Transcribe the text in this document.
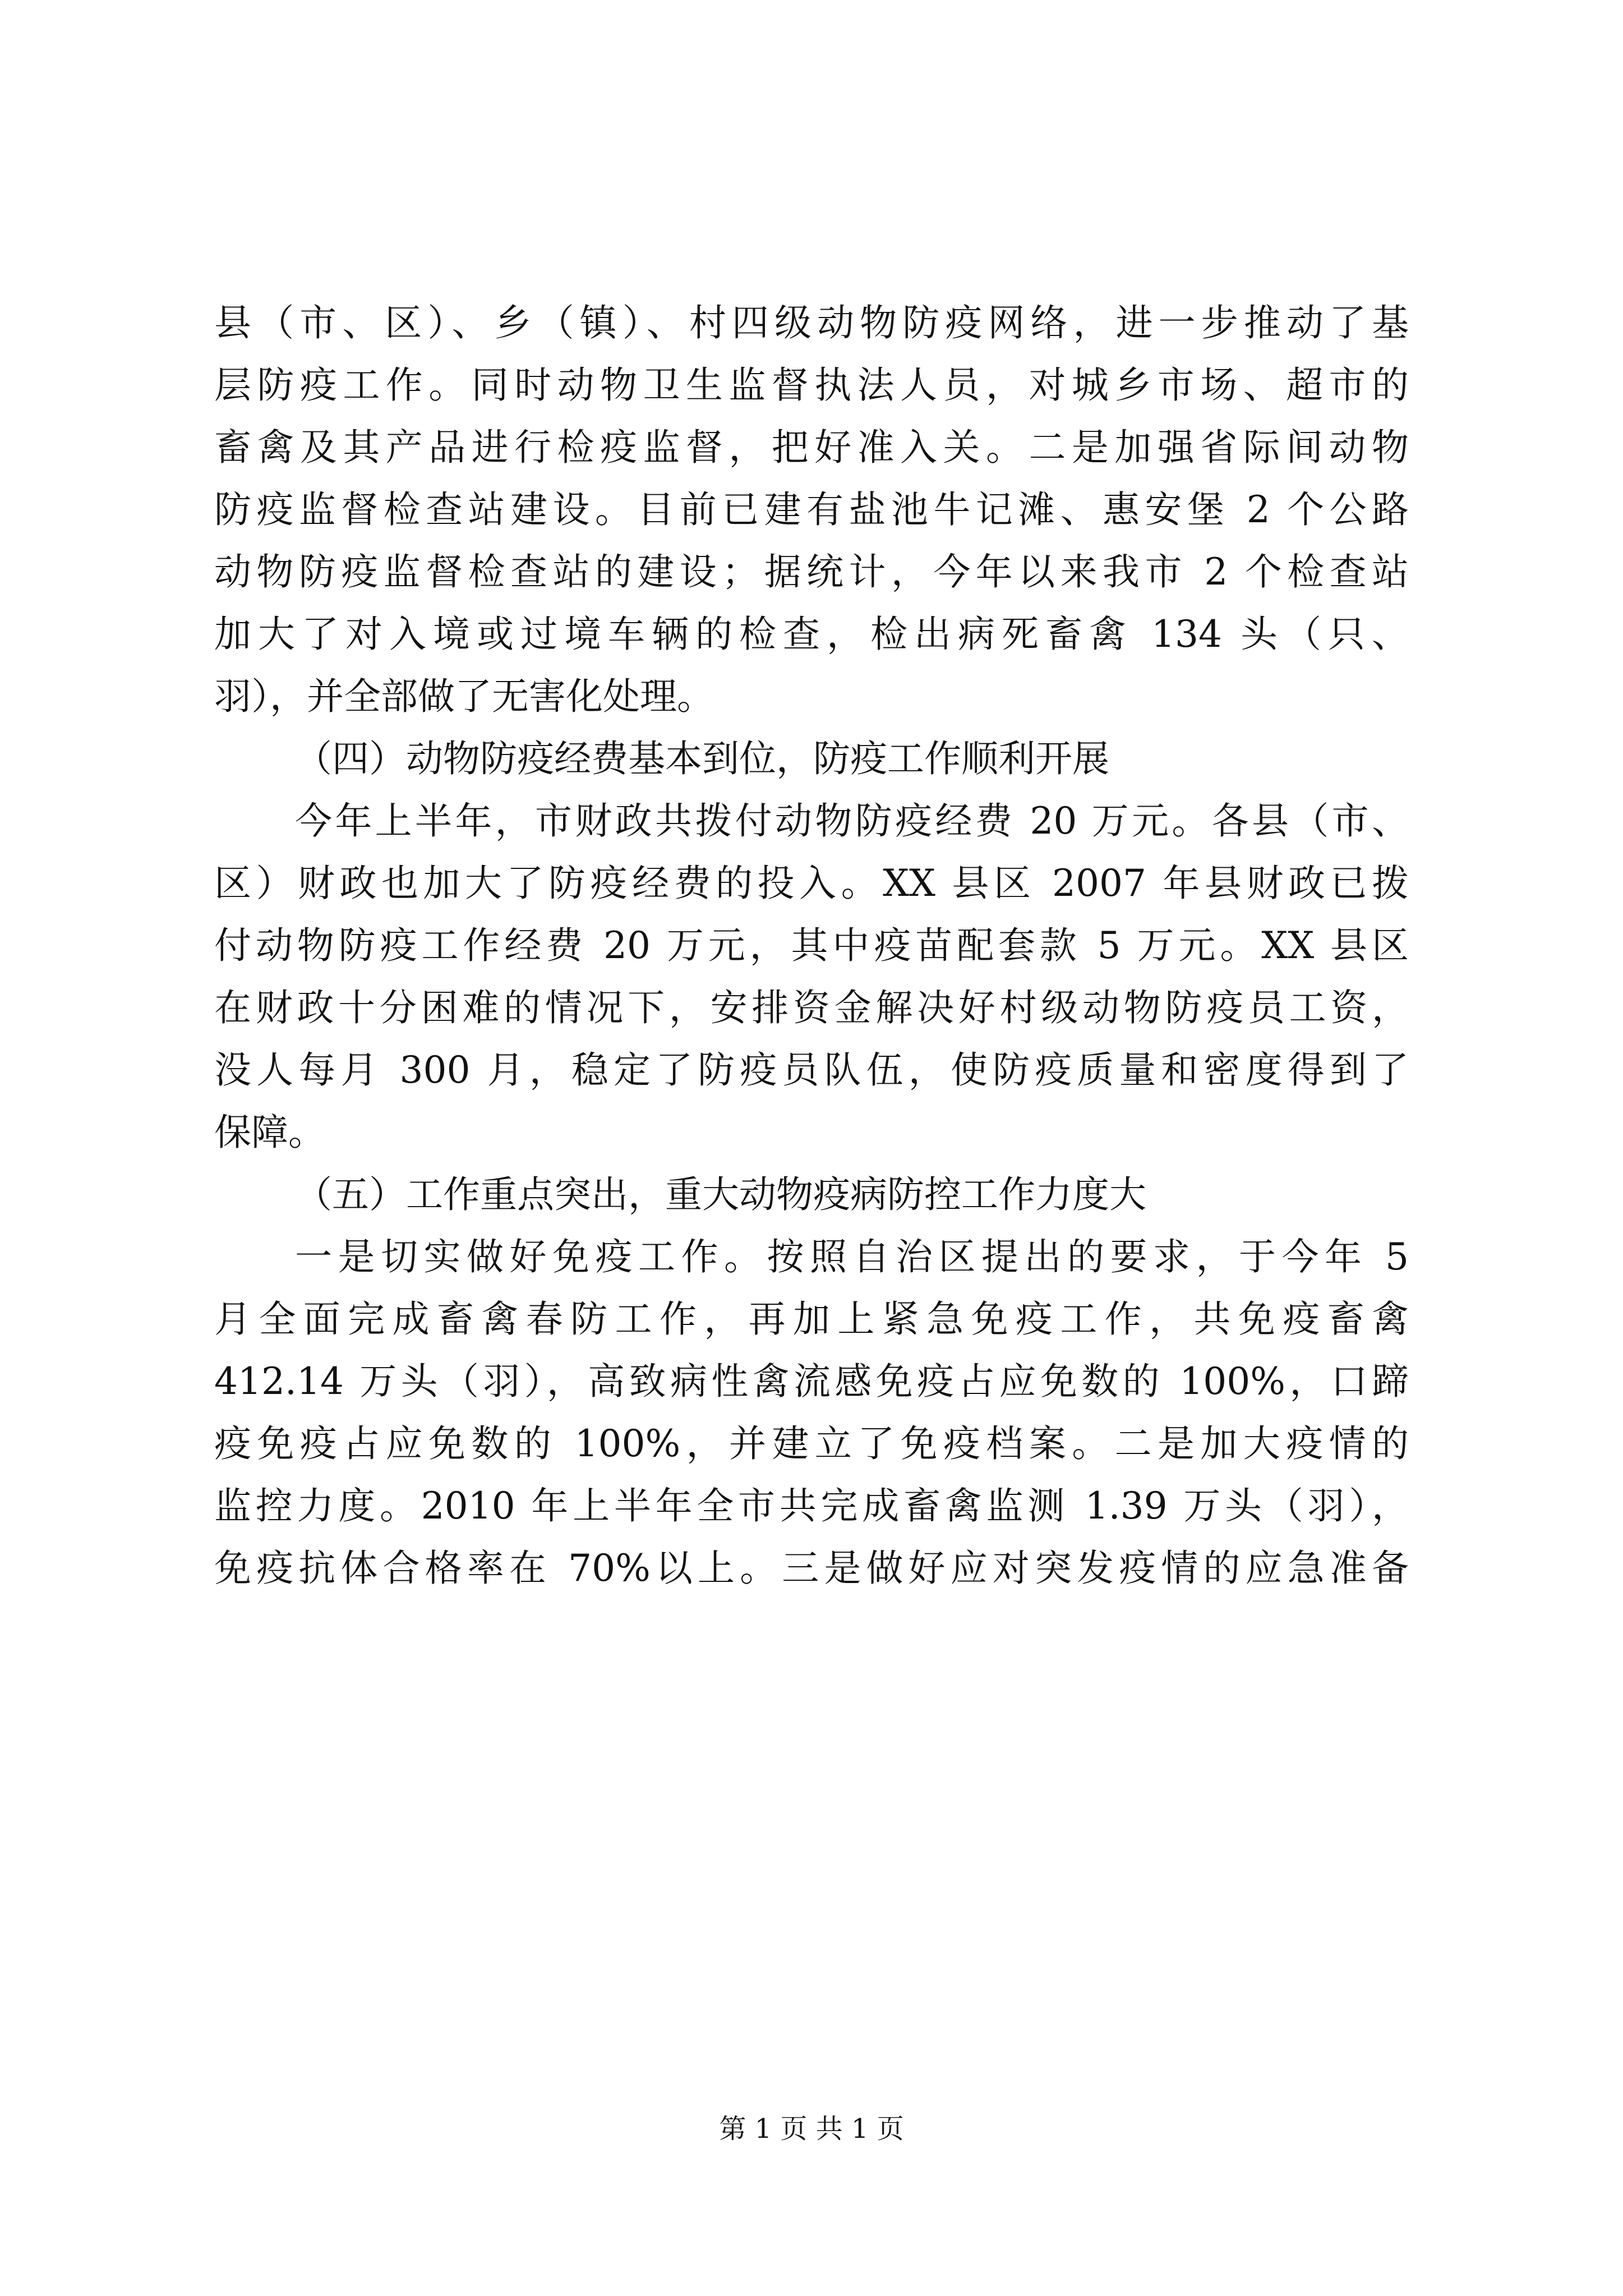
县（市、区）、乡（镇）、村四级动物防疫网络，进一步推动了基
层防疫工作。同时动物卫生监督执法人员，对城乡市场、超市的
畜禽及其产品进行检疫监督，把好准入关。二是加强省际间动物
防疫监督检查站建设。目前已建有盐池牛记滩、惠安堡 2 个公路
动物防疫监督检查站的建设；据统计，今年以来我市 2 个检查站
加大了对入境或过境车辆的检查，检出病死畜禽 134 头（只、
羽），并全部做了无害化处理。
（四）动物防疫经费基本到位，防疫工作顺利开展
今年上半年，市财政共拨付动物防疫经费 20 万元。各县（市、
区）财政也加大了防疫经费的投入。XX 县区 2007 年县财政已拨
付动物防疫工作经费 20 万元，其中疫苗配套款 5 万元。XX 县区
在财政十分困难的情况下，安排资金解决好村级动物防疫员工资，
没人每月 300 月，稳定了防疫员队伍，使防疫质量和密度得到了
保障。
（五）工作重点突出，重大动物疫病防控工作力度大
一是切实做好免疫工作。按照自治区提出的要求，于今年 5
月全面完成畜禽春防工作，再加上紧急免疫工作，共免疫畜禽
412.14 万头（羽），高致病性禽流感免疫占应免数的 100%，口蹄
疫免疫占应免数的 100%，并建立了免疫档案。二是加大疫情的
监控力度。2010 年上半年全市共完成畜禽监测 1.39 万头（羽），
免疫抗体合格率在 70%以上。三是做好应对突发疫情的应急准备
第 1 页 共 1 页
